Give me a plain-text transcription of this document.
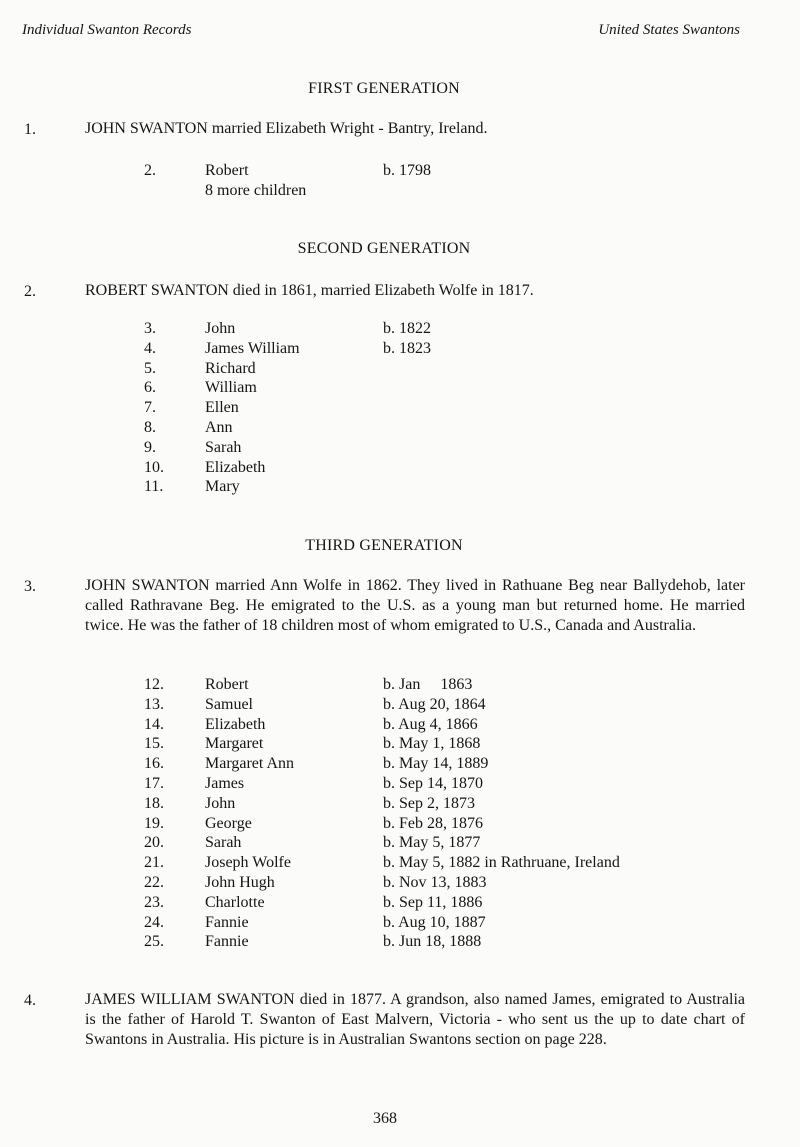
Individual Swanton Records	United States Swantons
FIRST GENERATION
1.	JOHN SWANTON married Elizabeth Wright - Bantry, Ireland.
2.	Robert	b. 1798
8 more children
SECOND GENERATION
2.	ROBERT SWANTON died in 1861, married Elizabeth Wolfe in 1817.
3.	John	b. 1822
4.	James William	b. 1823
5.	Richard
6.	William
7.	Ellen
8.	Ann
9.	Sarah
10.	Elizabeth
11.	Mary
THIRD GENERATION
3.	JOHN SWANTON married Ann Wolfe in 1862. They lived in Rathuane Beg near Ballydehob, later called Rathravane Beg. He emigrated to the U.S. as a young man but returned home. He married twice. He was the father of 18 children most of whom emigrated to U.S., Canada and Australia.
12.	Robert	b. Jan     1863
13.	Samuel	b. Aug 20, 1864
14.	Elizabeth	b. Aug 4, 1866
15.	Margaret	b. May 1, 1868
16.	Margaret Ann	b. May 14, 1889
17.	James	b. Sep 14, 1870
18.	John	b. Sep 2, 1873
19.	George	b. Feb 28, 1876
20.	Sarah	b. May 5, 1877
21.	Joseph Wolfe	b. May 5, 1882 in Rathruane, Ireland
22.	John Hugh	b. Nov 13, 1883
23.	Charlotte	b. Sep 11, 1886
24.	Fannie	b. Aug 10, 1887
25.	Fannie	b. Jun 18, 1888
4.	JAMES WILLIAM SWANTON died in 1877. A grandson, also named James, emigrated to Australia is the father of Harold T. Swanton of East Malvern, Victoria - who sent us the up to date chart of Swantons in Australia. His picture is in Australian Swantons section on page 228.
368
